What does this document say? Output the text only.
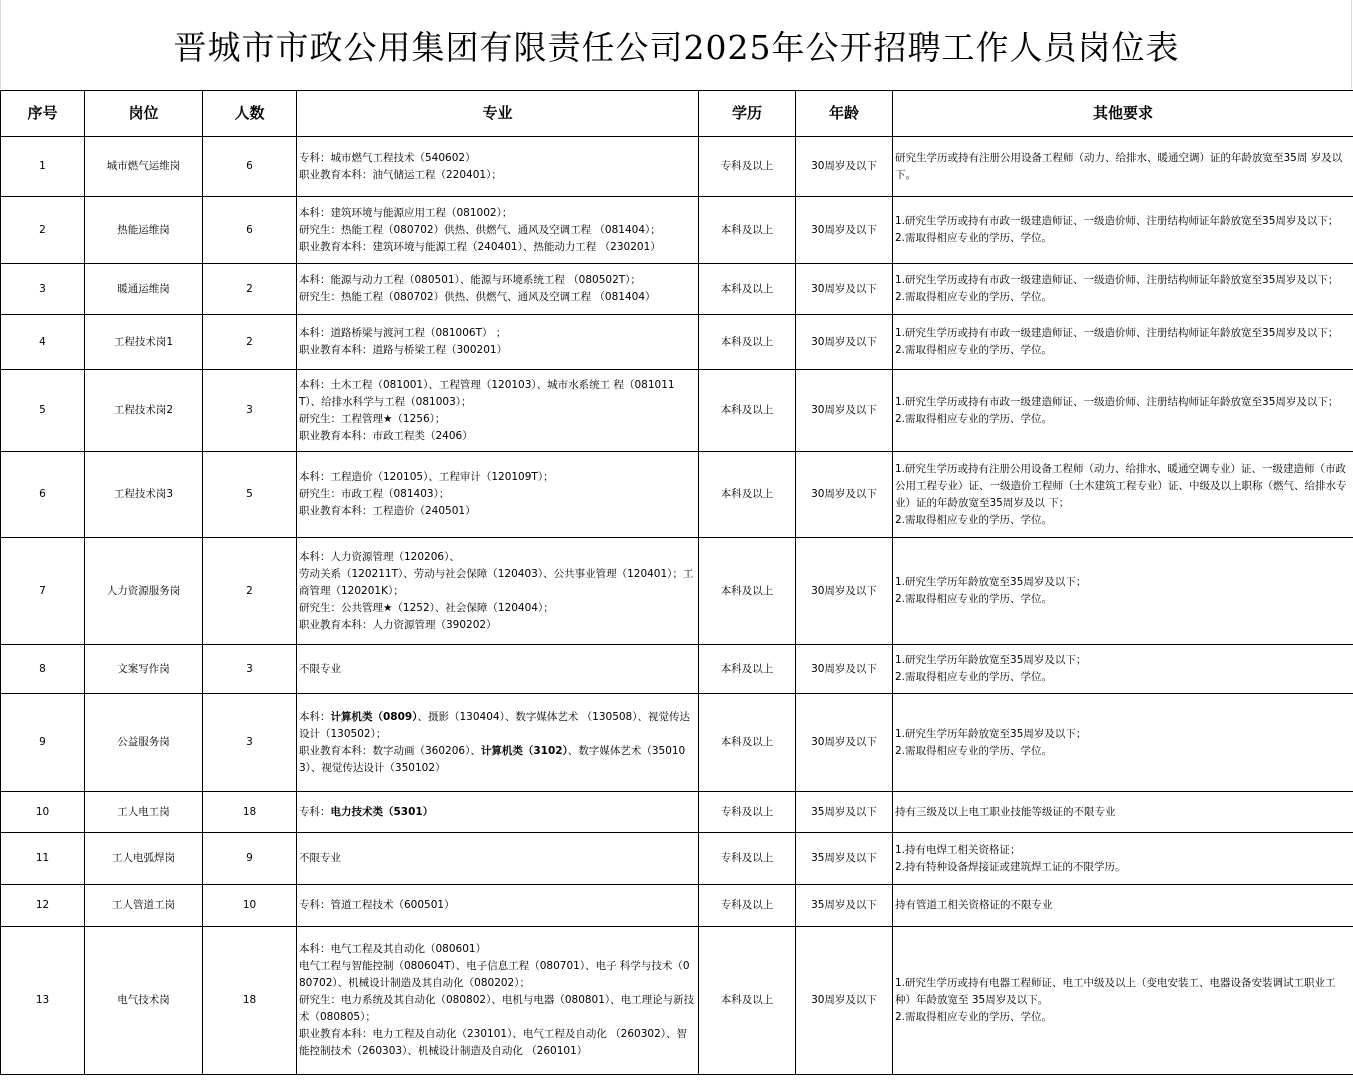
晋城市市政公用集团有限责任公司2025年公开招聘工作人员岗位表
序号	岗位	人数	专业	学历	年龄	其他要求
1	城市燃气运维岗	6	专科：城市燃气工程技术（540602）
职业教育本科：油气储运工程（220401）；	专科及以上	30周岁及以下	研究生学历或持有注册公用设备工程师（动力、给排水、暖通空调）证的年龄放宽至35周 岁及以下。
2	热能运维岗	6	本科：建筑环境与能源应用工程（081002）；
研究生：热能工程（080702）供热、供燃气、通风及空调工程 （081404）；
职业教育本科：建筑环境与能源工程（240401）、热能动力工程 （230201）	本科及以上	30周岁及以下	1.研究生学历或持有市政一级建造师证、一级造价师、注册结构师证年龄放宽至35周岁及以下；
2.需取得相应专业的学历、学位。
3	暖通运维岗	2	本科：能源与动力工程（080501）、能源与环境系统工程 （080502T）；
研究生：热能工程（080702）供热、供燃气、通风及空调工程 （081404）	本科及以上	30周岁及以下	1.研究生学历或持有市政一级建造师证、一级造价师、注册结构师证年龄放宽至35周岁及以下；
2.需取得相应专业的学历、学位。
4	工程技术岗1	2	本科：道路桥梁与渡河工程（081006T） ；
职业教育本科：道路与桥梁工程（300201）	本科及以上	30周岁及以下	1.研究生学历或持有市政一级建造师证、一级造价师、注册结构师证年龄放宽至35周岁及以下；
2.需取得相应专业的学历、学位。
5	工程技术岗2	3	本科：土木工程（081001）、工程管理（120103）、城市水系统工 程（081011T）、给排水科学与工程（081003）；
研究生：工程管理★（1256）；
职业教育本科：市政工程类（2406）	本科及以上	30周岁及以下	1.研究生学历或持有市政一级建造师证、一级造价师、注册结构师证年龄放宽至35周岁及以下；
2.需取得相应专业的学历、学位。
6	工程技术岗3	5	本科：工程造价（120105）、工程审计（120109T）；
研究生：市政工程（081403）；
职业教育本科：工程造价（240501）	本科及以上	30周岁及以下	1.研究生学历或持有注册公用设备工程师（动力、给排水、暖通空调专业）证、一级建造师（市政公用工程专业）证、一级造价工程师（土木建筑工程专业）证、中级及以上职称（燃气、给排水专业）证的年龄放宽至35周岁及以 下；
2.需取得相应专业的学历、学位。
7	人力资源服务岗	2	本科：人力资源管理（120206）、
劳动关系（120211T）、劳动与社会保障（120403）、公共事业管理（120401）；工商管理（120201K）；
研究生：公共管理★（1252）、社会保障（120404）；
职业教育本科：人力资源管理（390202）	本科及以上	30周岁及以下	1.研究生学历年龄放宽至35周岁及以下；
2.需取得相应专业的学历、学位。
8	文案写作岗	3	不限专业	本科及以上	30周岁及以下	1.研究生学历年龄放宽至35周岁及以下；
2.需取得相应专业的学历、学位。
9	公益服务岗	3	本科：计算机类（0809）、摄影（130404）、数字媒体艺术 （130508）、视觉传达设计（130502）；
职业教育本科：数字动画（360206）、计算机类（3102）、数字媒体艺术（350103）、视觉传达设计（350102）	本科及以上	30周岁及以下	1.研究生学历年龄放宽至35周岁及以下；
2.需取得相应专业的学历、学位。
10	工人电工岗	18	专科：电力技术类（5301）	专科及以上	35周岁及以下	持有三级及以上电工职业技能等级证的不限专业
11	工人电弧焊岗	9	不限专业	专科及以上	35周岁及以下	1.持有电焊工相关资格证；
2.持有特种设备焊接证或建筑焊工证的不限学历。
12	工人管道工岗	10	专科：管道工程技术（600501）	专科及以上	35周岁及以下	持有管道工相关资格证的不限专业
13	电气技术岗	18	本科：电气工程及其自动化（080601）
电气工程与智能控制（080604T）、电子信息工程（080701）、电子 科学与技术（080702）、机械设计制造及其自动化（080202）；
研究生：电力系统及其自动化（080802）、电机与电器（080801）、电工理论与新技术（080805）；
职业教育本科：电力工程及自动化（230101）、电气工程及自动化 （260302）、智能控制技术（260303）、机械设计制造及自动化 （260101）	本科及以上	30周岁及以下	1.研究生学历或持有电器工程师证、电工中级及以上（变电安装工、电器设备安装调试工职业工种）年龄放宽至 35周岁及以下。
2.需取得相应专业的学历、学位。
